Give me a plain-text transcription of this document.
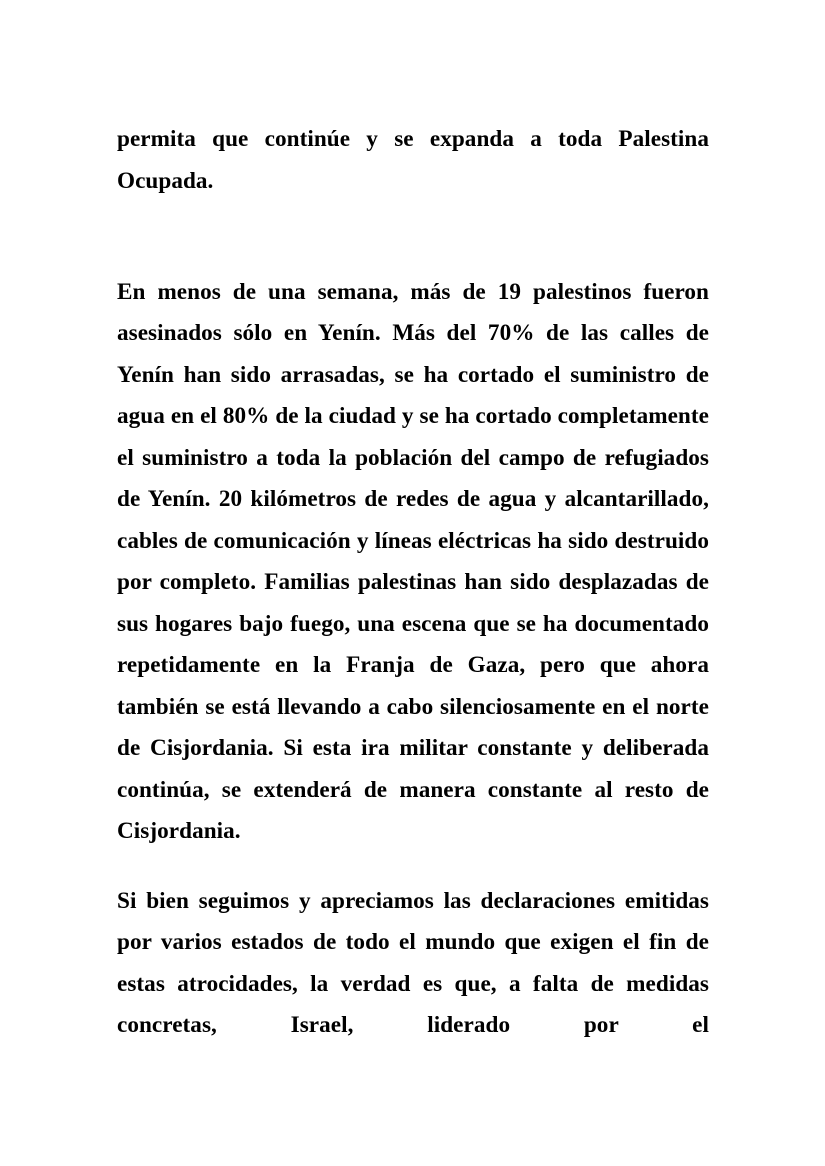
permita que continúe y se expanda a toda Palestina Ocupada.

En menos de una semana, más de 19 palestinos fueron asesinados sólo en Yenín. Más del 70% de las calles de Yenín han sido arrasadas, se ha cortado el suministro de agua en el 80% de la ciudad y se ha cortado completamente el suministro a toda la población del campo de refugiados de Yenín. 20 kilómetros de redes de agua y alcantarillado, cables de comunicación y líneas eléctricas ha sido destruido por completo. Familias palestinas han sido desplazadas de sus hogares bajo fuego, una escena que se ha documentado repetidamente en la Franja de Gaza, pero que ahora también se está llevando a cabo silenciosamente en el norte de Cisjordania. Si esta ira militar constante y deliberada continúa, se extenderá de manera constante al resto de Cisjordania.

Si bien seguimos y apreciamos las declaraciones emitidas por varios estados de todo el mundo que exigen el fin de estas atrocidades, la verdad es que, a falta de medidas concretas, Israel, liderado por el
